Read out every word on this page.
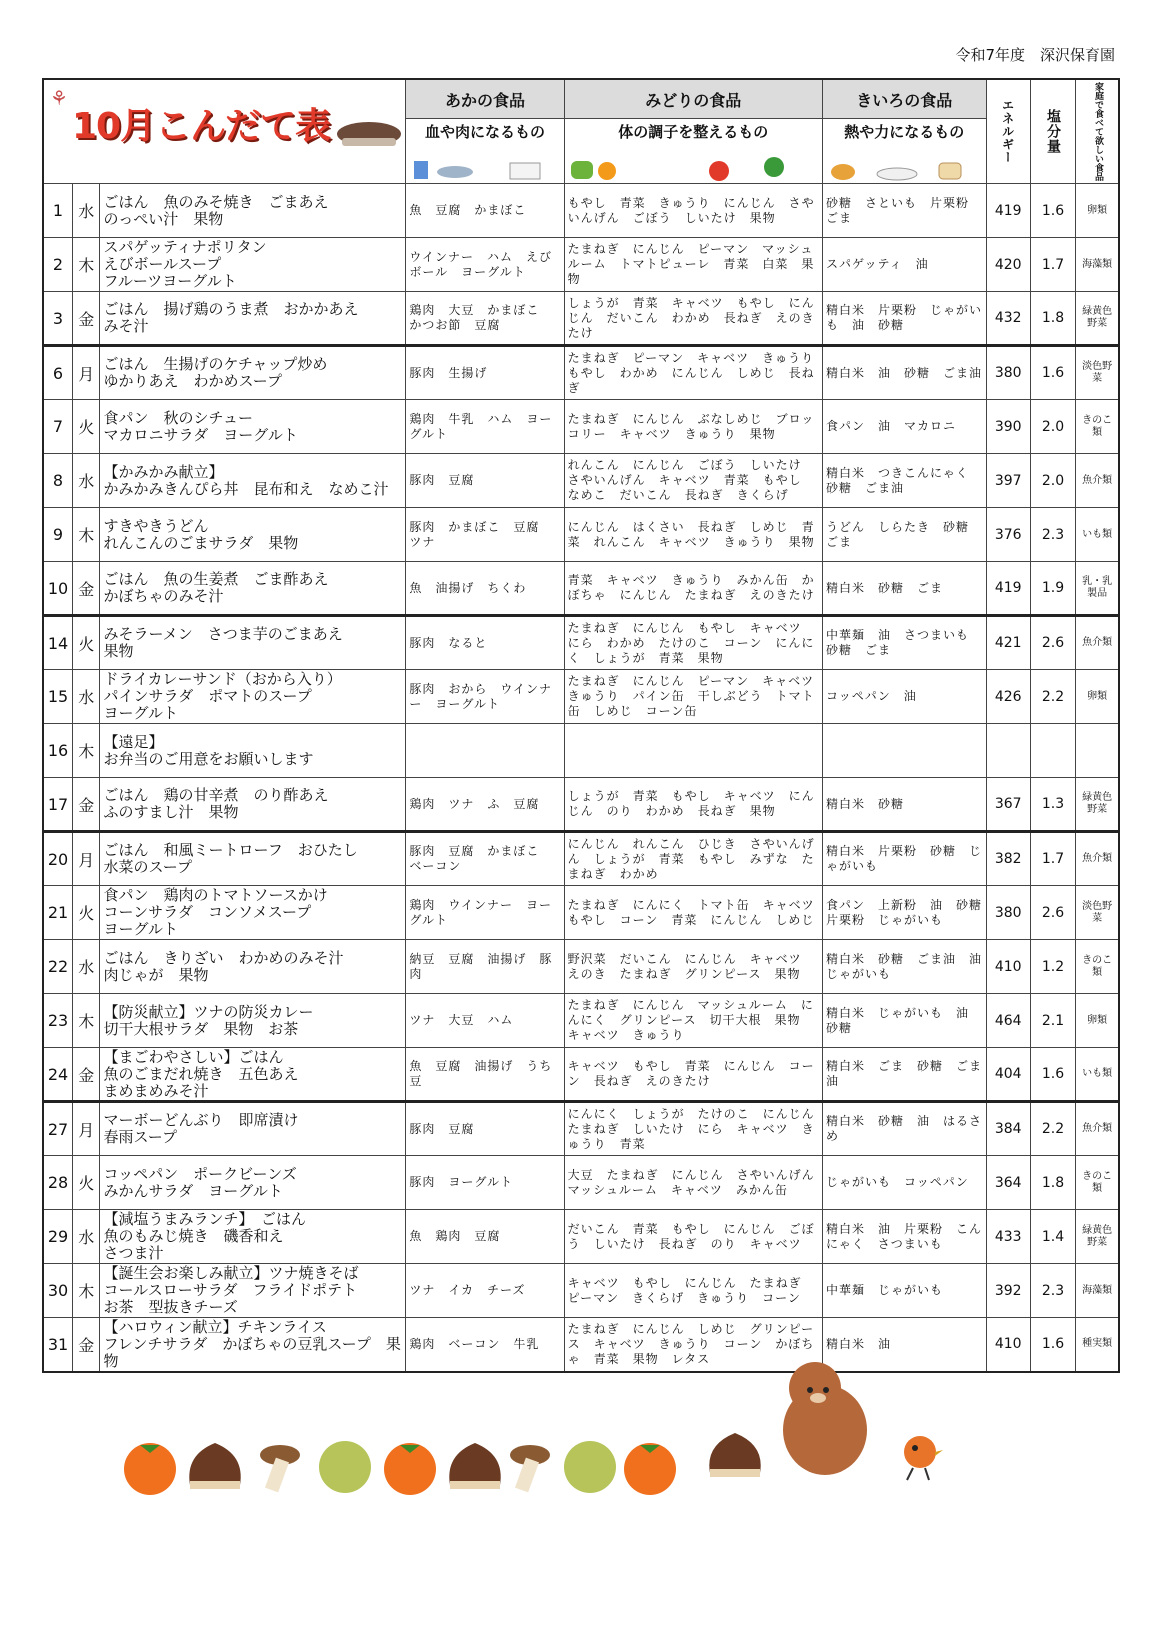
令和7年度　深沢保育園
⚘
10月こんだて表			あかの食品	みどりの食品	きいろの食品	エネルギー	塩分量	家庭で食べて欲しい食品

			血や肉になるもの	体の調子を整えるもの	熱や力になるもの			

1	水	ごはん　魚のみそ焼き　ごまあえ
のっぺい汁　果物	魚　豆腐　かまぼこ	もやし　青菜　きゅうり　にんじん　さやいんげん　ごぼう　しいたけ　果物	砂糖　さといも　片栗粉　ごま	419	1.6	卵類
2	木	スパゲッティナポリタン
えびボールスープ
フルーツヨーグルト	ウインナー　ハム　えびボール　ヨーグルト	たまねぎ　にんじん　ピーマン　マッシュルーム　トマトピューレ　青菜　白菜　果物	スパゲッティ　油	420	1.7	海藻類
3	金	ごはん　揚げ鶏のうま煮　おかかあえ
みそ汁	鶏肉　大豆　かまぼこ　かつお節　豆腐	しょうが　青菜　キャベツ　もやし　にんじん　だいこん　わかめ　長ねぎ　えのきたけ	精白米　片栗粉　じゃがいも　油　砂糖	432	1.8	緑黄色野菜
6	月	ごはん　生揚げのケチャップ炒め
ゆかりあえ　わかめスープ	豚肉　生揚げ	たまねぎ　ピーマン　キャベツ　きゅうり　もやし　わかめ　にんじん　しめじ　長ねぎ	精白米　油　砂糖　ごま油	380	1.6	淡色野菜
7	火	食パン　秋のシチュー
マカロニサラダ　ヨーグルト	鶏肉　牛乳　ハム　ヨーグルト	たまねぎ　にんじん　ぶなしめじ　ブロッコリー　キャベツ　きゅうり　果物	食パン　油　マカロニ	390	2.0	きのこ類
8	水	【かみかみ献立】
かみかみきんぴら丼　昆布和え　なめこ汁	豚肉　豆腐	れんこん　にんじん　ごぼう　しいたけ　さやいんげん　キャベツ　青菜　もやし　なめこ　だいこん　長ねぎ　きくらげ	精白米　つきこんにゃく　砂糖　ごま油	397	2.0	魚介類
9	木	すきやきうどん
れんこんのごまサラダ　果物	豚肉　かまぼこ　豆腐　ツナ	にんじん　はくさい　長ねぎ　しめじ　青菜　れんこん　キャベツ　きゅうり　果物	うどん　しらたき　砂糖　ごま	376	2.3	いも類
10	金	ごはん　魚の生姜煮　ごま酢あえ
かぼちゃのみそ汁	魚　油揚げ　ちくわ	青菜　キャベツ　きゅうり　みかん缶　かぼちゃ　にんじん　たまねぎ　えのきたけ	精白米　砂糖　ごま	419	1.9	乳・乳製品
14	火	みそラーメン　さつま芋のごまあえ
果物	豚肉　なると	たまねぎ　にんじん　もやし　キャベツ　にら　わかめ　たけのこ　コーン　にんにく　しょうが　青菜　果物	中華麺　油　さつまいも　砂糖　ごま	421	2.6	魚介類
15	水	ドライカレーサンド（おから入り）
パインサラダ　ポマトのスープ
ヨーグルト	豚肉　おから　ウインナー　ヨーグルト	たまねぎ　にんじん　ピーマン　キャベツ　きゅうり　パイン缶　干しぶどう　トマト缶　しめじ　コーン缶	コッペパン　油	426	2.2	卵類
16	木	【遠足】
お弁当のご用意をお願いします						
17	金	ごはん　鶏の甘辛煮　のり酢あえ
ふのすまし汁　果物	鶏肉　ツナ　ふ　豆腐	しょうが　青菜　もやし　キャベツ　にんじん　のり　わかめ　長ねぎ　果物	精白米　砂糖	367	1.3	緑黄色野菜
20	月	ごはん　和風ミートローフ　おひたし
水菜のスープ	豚肉　豆腐　かまぼこ　ベーコン	にんじん　れんこん　ひじき　さやいんげん　しょうが　青菜　もやし　みずな　たまねぎ　わかめ	精白米　片栗粉　砂糖　じゃがいも	382	1.7	魚介類
21	火	食パン　鶏肉のトマトソースかけ
コーンサラダ　コンソメスープ
ヨーグルト	鶏肉　ウインナー　ヨーグルト	たまねぎ　にんにく　トマト缶　キャベツ　もやし　コーン　青菜　にんじん　しめじ	食パン　上新粉　油　砂糖　片栗粉　じゃがいも	380	2.6	淡色野菜
22	水	ごはん　きりざい　わかめのみそ汁
肉じゃが　果物	納豆　豆腐　油揚げ　豚肉	野沢菜　だいこん　にんじん　キャベツ　えのき　たまねぎ　グリンピース　果物	精白米　砂糖　ごま油　油　じゃがいも	410	1.2	きのこ類
23	木	【防災献立】ツナの防災カレー
切干大根サラダ　果物　お茶	ツナ　大豆　ハム	たまねぎ　にんじん　マッシュルーム　にんにく　グリンピース　切干大根　果物　キャベツ　きゅうり	精白米　じゃがいも　油　砂糖	464	2.1	卵類
24	金	【まごわやさしい】ごはん
魚のごまだれ焼き　五色あえ
まめまめみそ汁	魚　豆腐　油揚げ　うち豆	キャベツ　もやし　青菜　にんじん　コーン　長ねぎ　えのきたけ	精白米　ごま　砂糖　ごま油	404	1.6	いも類
27	月	マーボーどんぶり　即席漬け
春雨スープ	豚肉　豆腐	にんにく　しょうが　たけのこ　にんじん　たまねぎ　しいたけ　にら　キャベツ　きゅうり　青菜	精白米　砂糖　油　はるさめ	384	2.2	魚介類
28	火	コッペパン　ポークビーンズ
みかんサラダ　ヨーグルト	豚肉　ヨーグルト	大豆　たまねぎ　にんじん　さやいんげん　マッシュルーム　キャベツ　みかん缶	じゃがいも　コッペパン	364	1.8	きのこ類
29	水	【減塩うまみランチ】　ごはん
魚のもみじ焼き　磯香和え
さつま汁	魚　鶏肉　豆腐	だいこん　青菜　もやし　にんじん　ごぼう　しいたけ　長ねぎ　のり　キャベツ	精白米　油　片栗粉　こんにゃく　さつまいも	433	1.4	緑黄色野菜
30	木	【誕生会お楽しみ献立】ツナ焼きそば
コールスローサラダ　フライドポテト
お茶　型抜きチーズ	ツナ　イカ　チーズ	キャベツ　もやし　にんじん　たまねぎ　ピーマン　きくらげ　きゅうり　コーン	中華麺　じゃがいも	392	2.3	海藻類
31	金	【ハロウィン献立】チキンライス
フレンチサラダ　かぼちゃの豆乳スープ　果物	鶏肉　ベーコン　牛乳	たまねぎ　にんじん　しめじ　グリンピース　キャベツ　きゅうり　コーン　かぼちゃ　青菜　果物　レタス	精白米　油	410	1.6	種実類
